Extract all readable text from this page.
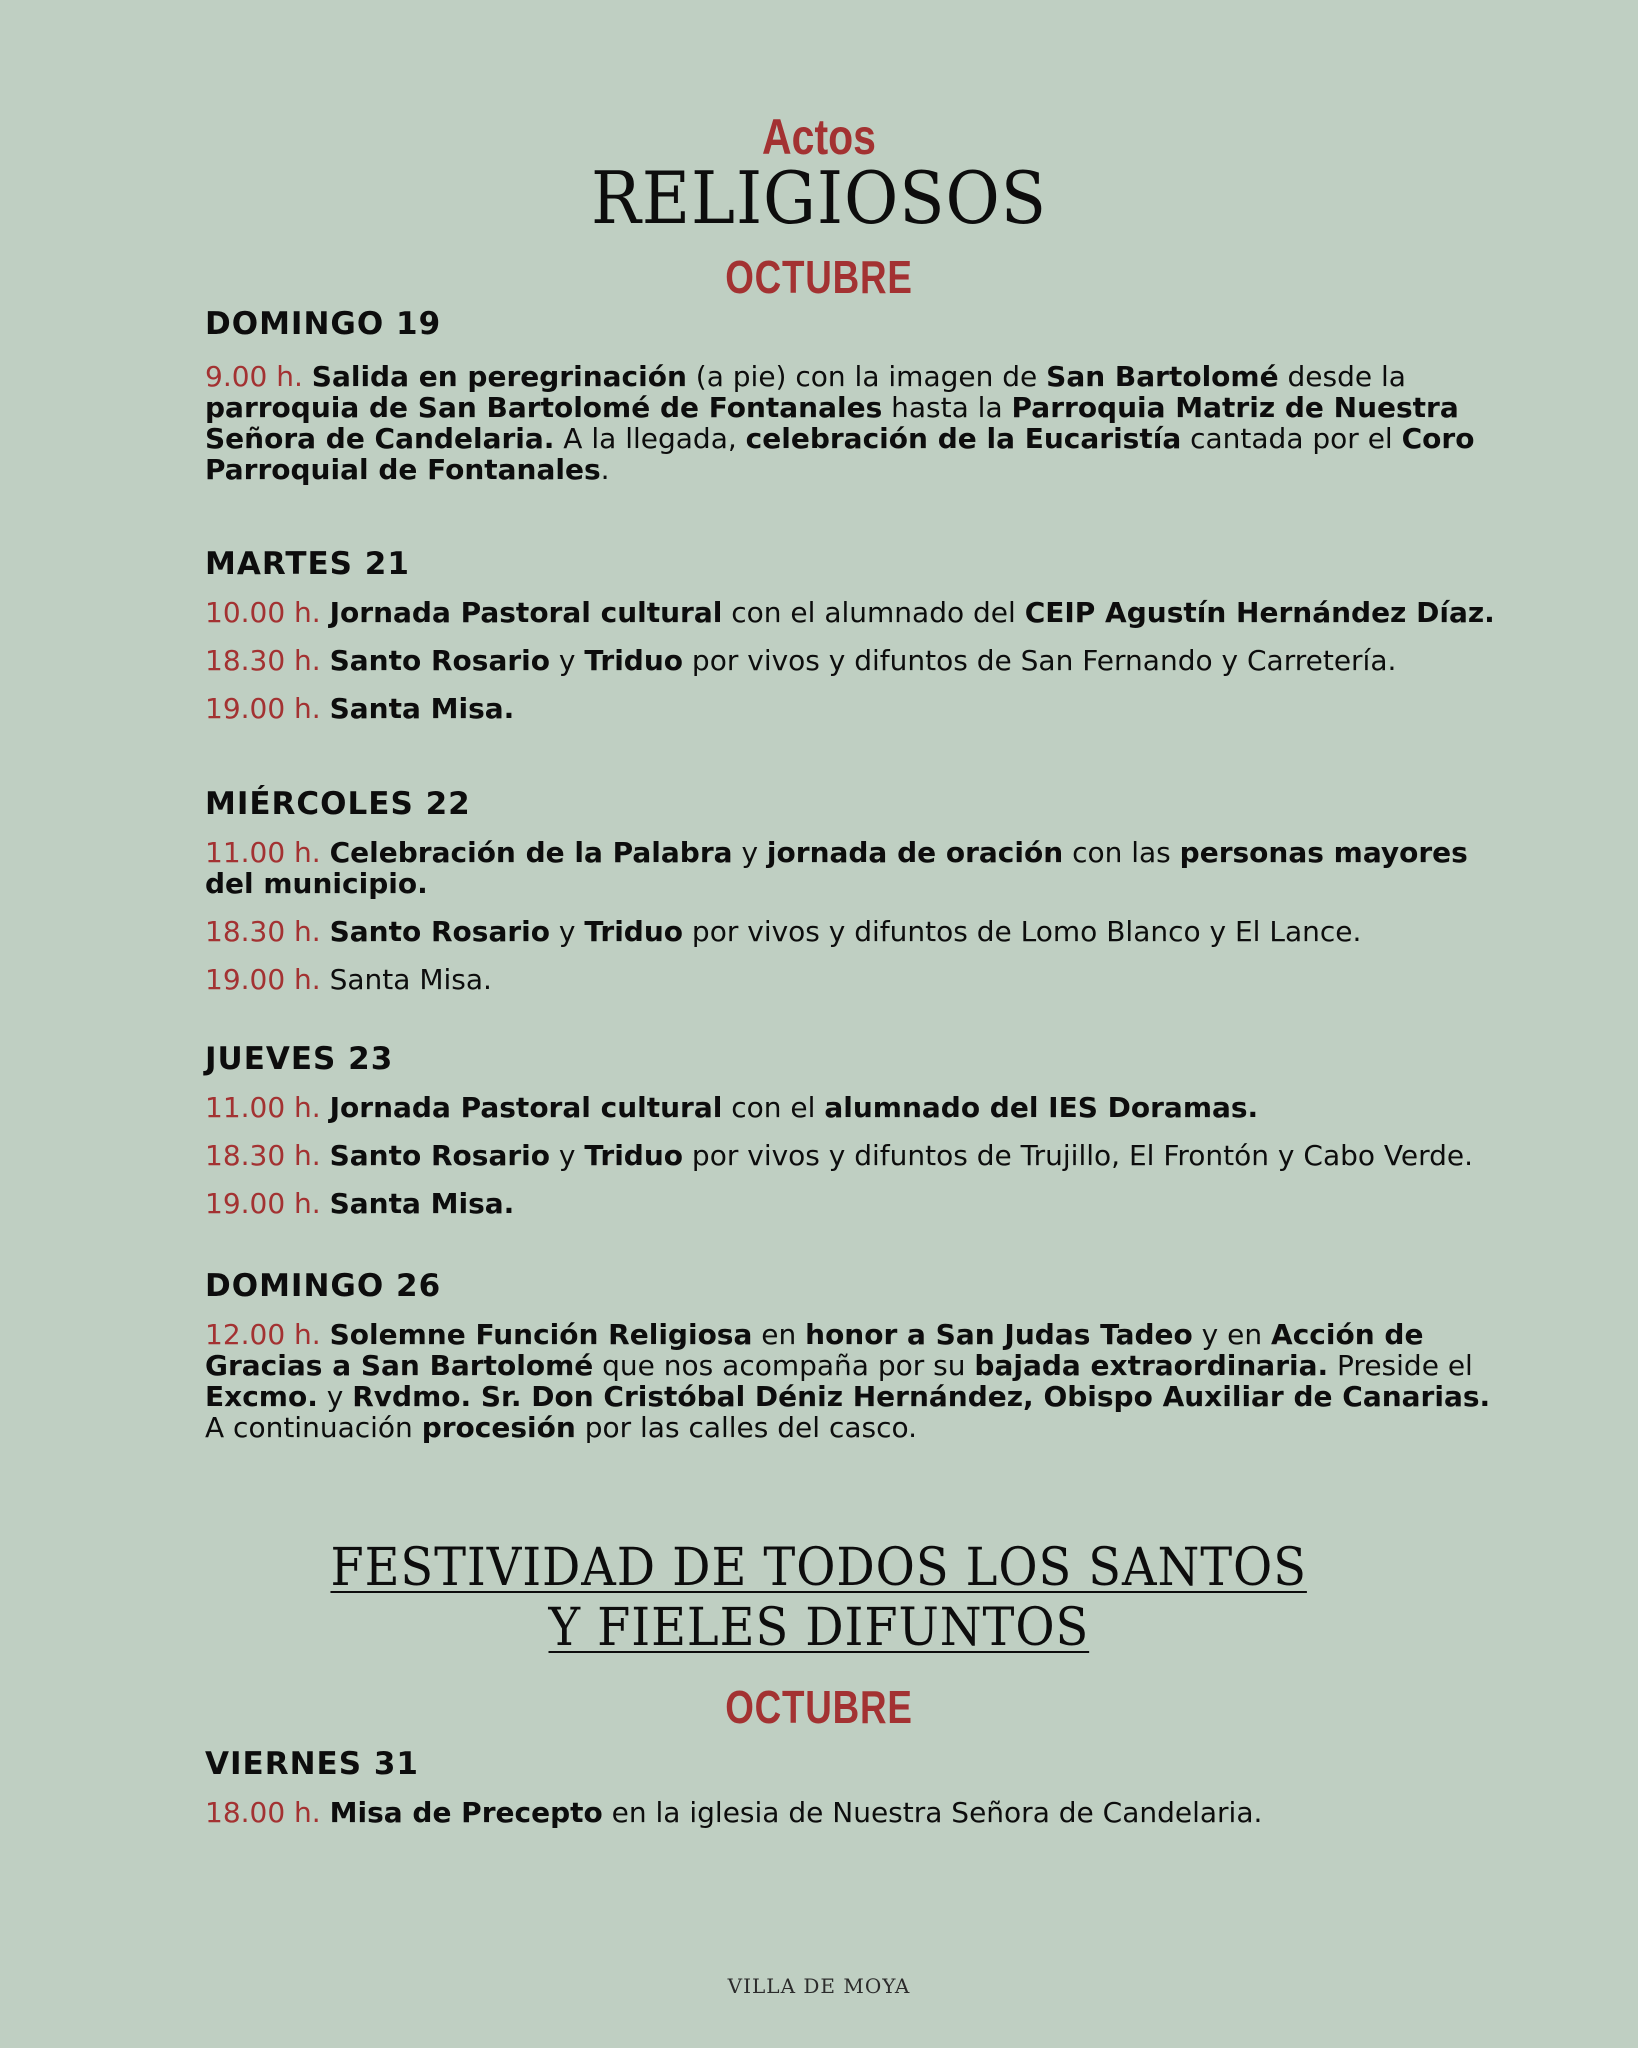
Actos
RELIGIOSOS
OCTUBRE

DOMINGO 19

9.00 h. Salida en peregrinación (a pie) con la imagen de San Bartolomé desde la parroquia de San Bartolomé de Fontanales hasta la Parroquia Matriz de Nuestra Señora de Candelaria. A la llegada, celebración de la Eucaristía cantada por el Coro Parroquial de Fontanales.

MARTES 21

10.00 h. Jornada Pastoral cultural con el alumnado del CEIP Agustín Hernández Díaz.

18.30 h. Santo Rosario y Triduo por vivos y difuntos de San Fernando y Carretería.

19.00 h. Santa Misa.

MIÉRCOLES 22

11.00 h. Celebración de la Palabra y jornada de oración con las personas mayores del municipio.

18.30 h. Santo Rosario y Triduo por vivos y difuntos de Lomo Blanco y El Lance.

19.00 h. Santa Misa.

JUEVES 23

11.00 h. Jornada Pastoral cultural con el alumnado del IES Doramas.

18.30 h. Santo Rosario y Triduo por vivos y difuntos de Trujillo, El Frontón y Cabo Verde.

19.00 h. Santa Misa.

DOMINGO 26

12.00 h. Solemne Función Religiosa en honor a San Judas Tadeo y en Acción de Gracias a San Bartolomé que nos acompaña por su bajada extraordinaria. Preside el Excmo. y Rvdmo. Sr. Don Cristóbal Déniz Hernández, Obispo Auxiliar de Canarias. A continuación procesión por las calles del casco.

FESTIVIDAD DE TODOS LOS SANTOS
Y FIELES DIFUNTOS
OCTUBRE

VIERNES 31

18.00 h. Misa de Precepto en la iglesia de Nuestra Señora de Candelaria.

VILLA DE MOYA
